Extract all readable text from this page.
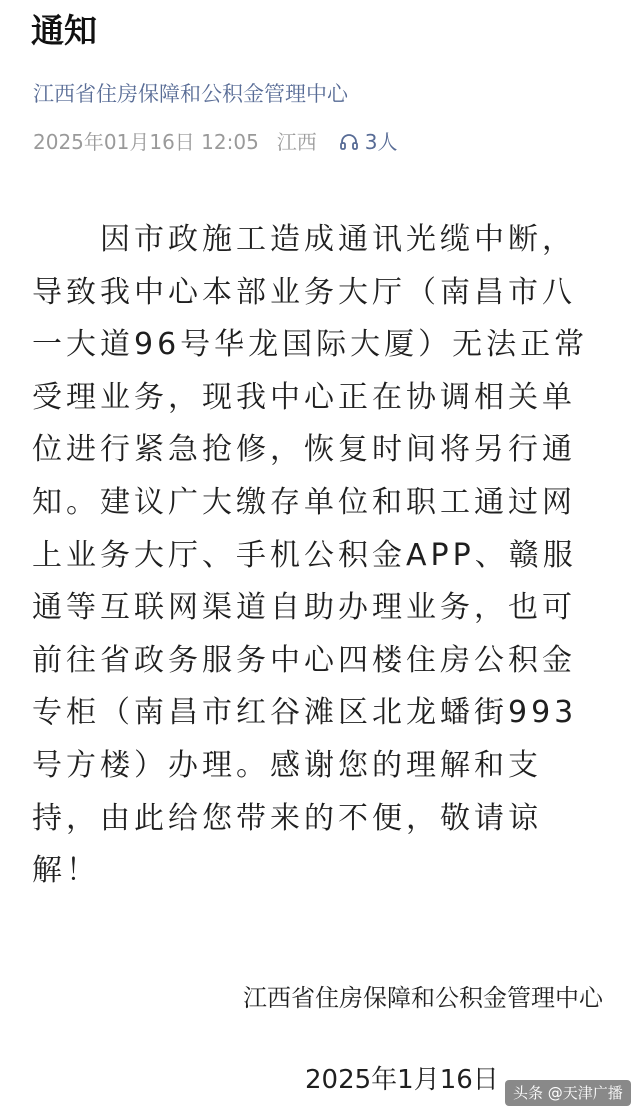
通知
江西省住房保障和公积金管理中心
2025年01月16日 12:05 江西 3人
　　因市政施工造成通讯光缆中断，
导致我中心本部业务大厅（南昌市八
一大道96号华龙国际大厦）无法正常
受理业务，现我中心正在协调相关单
位进行紧急抢修，恢复时间将另行通
知。建议广大缴存单位和职工通过网
上业务大厅、手机公积金APP、赣服
通等互联网渠道自助办理业务，也可
前往省政务服务中心四楼住房公积金
专柜（南昌市红谷滩区北龙蟠街993
号方楼）办理。感谢您的理解和支
持，由此给您带来的不便，敬请谅
解！
江西省住房保障和公积金管理中心
2025年1月16日 头条 @天津广播
